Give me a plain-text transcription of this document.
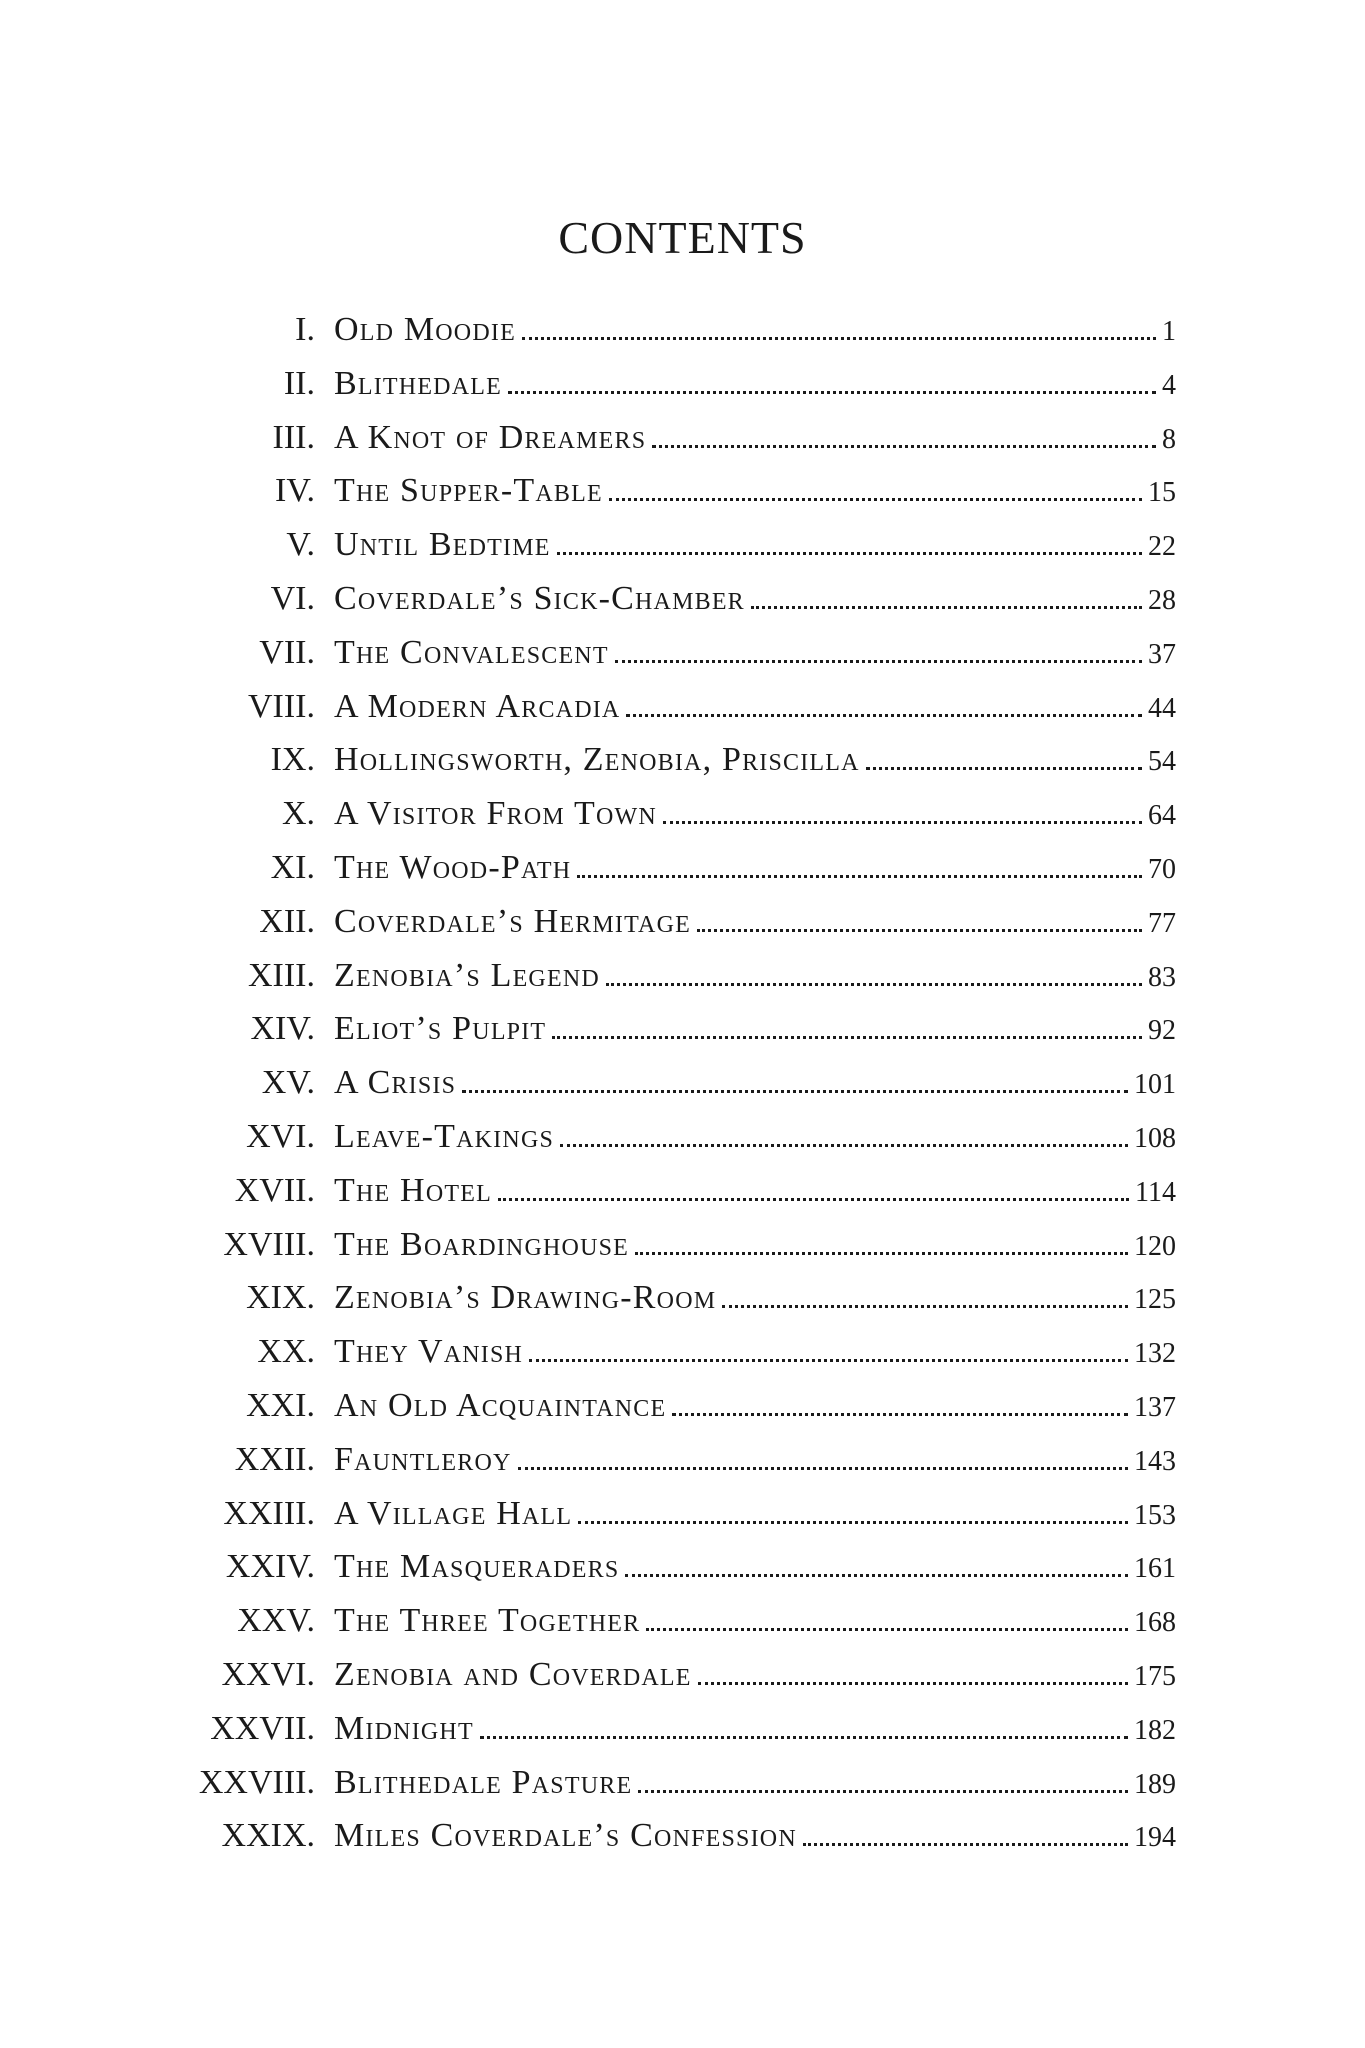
CONTENTS
I. Old Moodie	1
II. Blithedale	4
III. A Knot of Dreamers	8
IV. The Supper-Table	15
V. Until Bedtime	22
VI. Coverdale’s Sick-Chamber	28
VII. The Convalescent	37
VIII. A Modern Arcadia	44
IX. Hollingsworth, Zenobia, Priscilla	54
X. A Visitor From Town	64
XI. The Wood-Path	70
XII. Coverdale’s Hermitage	77
XIII. Zenobia’s Legend	83
XIV. Eliot’s Pulpit	92
XV. A Crisis	101
XVI. Leave-Takings	108
XVII. The Hotel	114
XVIII. The Boardinghouse	120
XIX. Zenobia’s Drawing-Room	125
XX. They Vanish	132
XXI. An Old Acquaintance	137
XXII. Fauntleroy	143
XXIII. A Village Hall	153
XXIV. The Masqueraders	161
XXV. The Three Together	168
XXVI. Zenobia and Coverdale	175
XXVII. Midnight	182
XXVIII. Blithedale Pasture	189
XXIX. Miles Coverdale’s Confession	194
